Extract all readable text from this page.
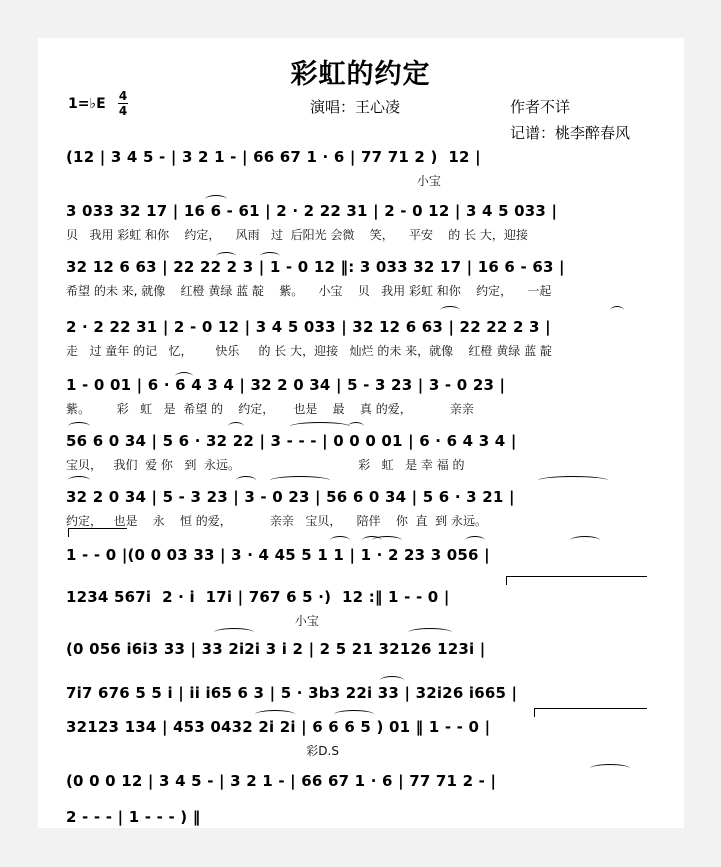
彩虹的约定
1=♭E 4
4	演唱：王心凌	作者不详
记谱：桃李醉春风
(12 | 3 4 5 - | 3 2 1 - | 66 67 1 · 6 | 77 71 2 )  12 |
小宝
3 033 32 17 | 16 6 - 61 | 2 · 2 22 31 | 2 - 0 12 | 3 4 5 033 |
贝   我用 彩虹 和你    约定，    风雨   过  后阳光 会微    笑，    平安    的 长 大，迎接
32 12 6 63 | 22 22 2 3 | 1 - 0 12 ‖: 3 033 32 17 | 16 6 - 63 |
希望 的未 来, 就像    红橙 黄绿 蓝 靛    紫。    小宝    贝   我用 彩虹 和你    约定，    一起
2 · 2 22 31 | 2 - 0 12 | 3 4 5 033 | 32 12 6 63 | 22 22 2 3 |
走   过 童年 的记   忆，      快乐     的 长 大，迎接   灿烂 的未 来，就像    红橙 黄绿 蓝 靛
1 - 0 01 | 6 · 6 4 3 4 | 32 2 0 34 | 5 - 3 23 | 3 - 0 23 |
紫。       彩   虹   是  希望 的    约定，     也是    最    真 的爱，          亲亲
56 6 0 34 | 5 6 · 32 22 | 3 - - - | 0 0 0 01 | 6 · 6 4 3 4 |
宝贝，   我们  爱 你   到  永远。                               彩   虹   是 幸 福 的
32 2 0 34 | 5 - 3 23 | 3 - 0 23 | 56 6 0 34 | 5 6 · 3 21 |
约定，   也是    永    恒 的爱，          亲亲   宝贝，    陪伴    你  直  到 永远。
1 - - 0 |(0 0 03 33 | 3 · 4 45 5 1 1 | 1 · 2 23 3 056 |
1234 567i  2 · i  17i | 767 6 5 ·)  12 :‖ 1 - - 0 |
小宝
(0 056 i6i3 33 | 33 2i2i 3 i 2 | 2 5 21 32126 123i |
7i7 676 5 5 i | ii i65 6 3 | 5 · 3b3 22i 33 | 32i26 i665 |
32123 134 | 453 0432 2i 2i | 6 6 6 5 ) 01 ‖ 1 - - 0 |
彩D.S
(0 0 0 12 | 3 4 5 - | 3 2 1 - | 66 67 1 · 6 | 77 71 2 - |
2 - - - | 1 - - - ) ‖
